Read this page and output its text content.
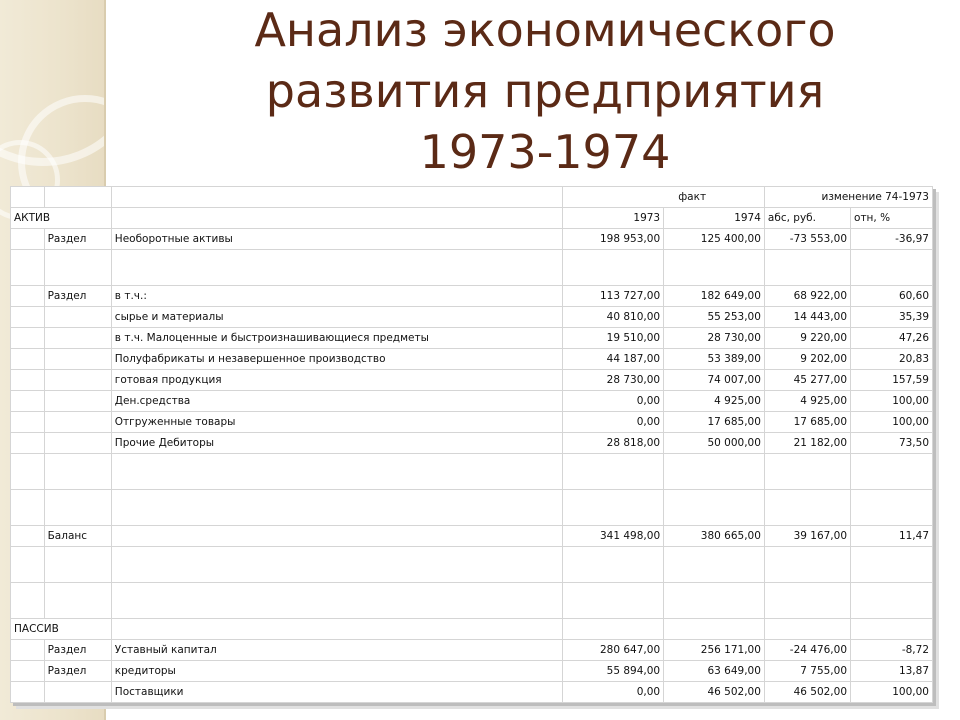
Анализ экономического
развития предприятия
1973-1974
			факт		изменение 74-1973	
АКТИВ			1973	1974	абс, руб.	отн, %
	Раздел	Необоротные активы	198 953,00	125 400,00	-73 553,00	-36,97

	Раздел	в т.ч.:	113 727,00	182 649,00	68 922,00	60,60
		сырье и материалы	40 810,00	55 253,00	14 443,00	35,39
		в т.ч. Малоценные и быстроизнашивающиеся предметы	19 510,00	28 730,00	9 220,00	47,26
		Полуфабрикаты и незавершенное производство	44 187,00	53 389,00	9 202,00	20,83
		готовая продукция	28 730,00	74 007,00	45 277,00	157,59
		Ден.средства	0,00	4 925,00	4 925,00	100,00
		Отгруженные товары	0,00	17 685,00	17 685,00	100,00
		Прочие Дебиторы	28 818,00	50 000,00	21 182,00	73,50

	Баланс		341 498,00	380 665,00	39 167,00	11,47

ПАССИВ						
	Раздел	Уставный капитал	280 647,00	256 171,00	-24 476,00	-8,72
	Раздел	кредиторы	55 894,00	63 649,00	7 755,00	13,87
		Поставщики	0,00	46 502,00	46 502,00	100,00
